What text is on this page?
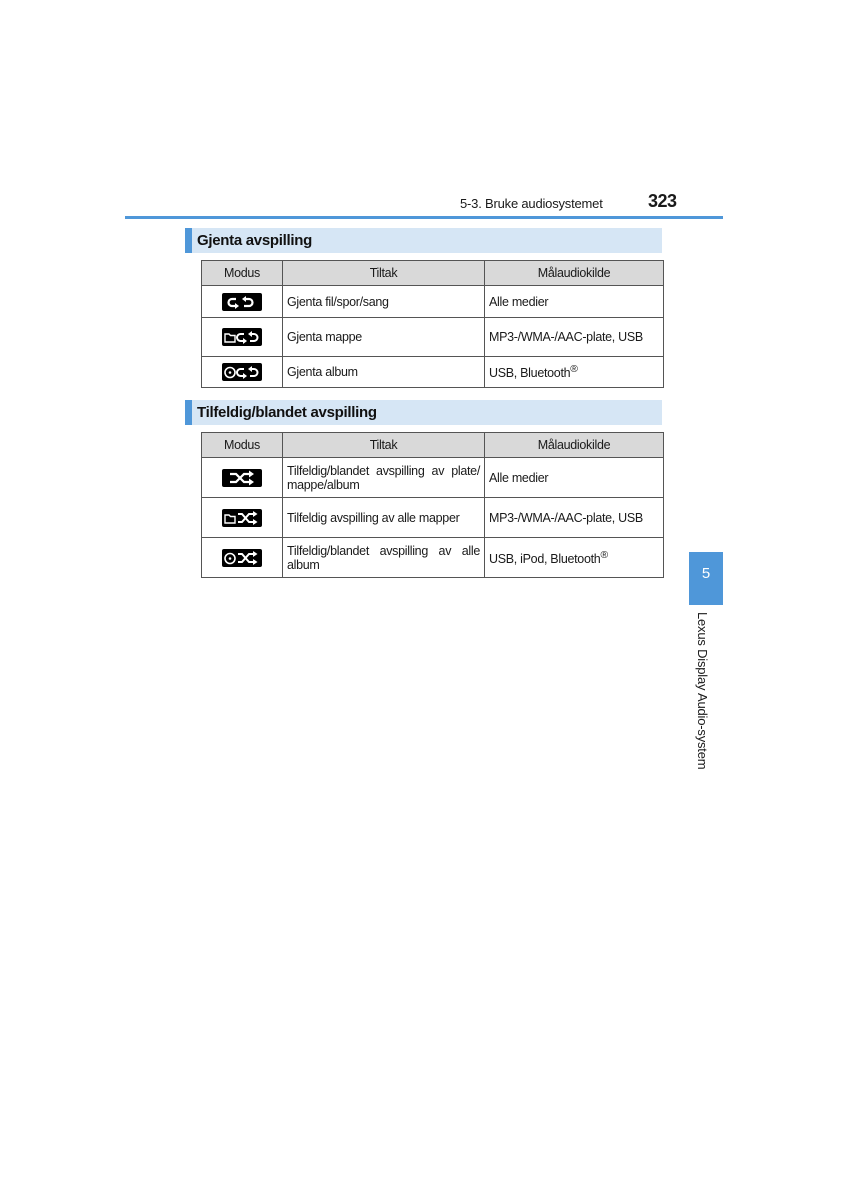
5-3. Bruke audiosystemet	323
Gjenta avspilling
Modus	Tiltak	Målaudiokilde

	Gjenta fil/spor/sang	Alle medier

	Gjenta mappe	MP3-/WMA-/AAC-plate, USB

	Gjenta album	USB, Bluetooth®
Tilfeldig/blandet avspilling
Modus	Tiltak	Målaudiokilde

	Tilfeldig/blandet avspilling av plate/ mappe/album	Alle medier

	Tilfeldig avspilling av alle mapper	MP3-/WMA-/AAC-plate, USB

	Tilfeldig/blandet avspilling av alle album	USB, iPod, Bluetooth®
5
Lexus Display Audio-system
